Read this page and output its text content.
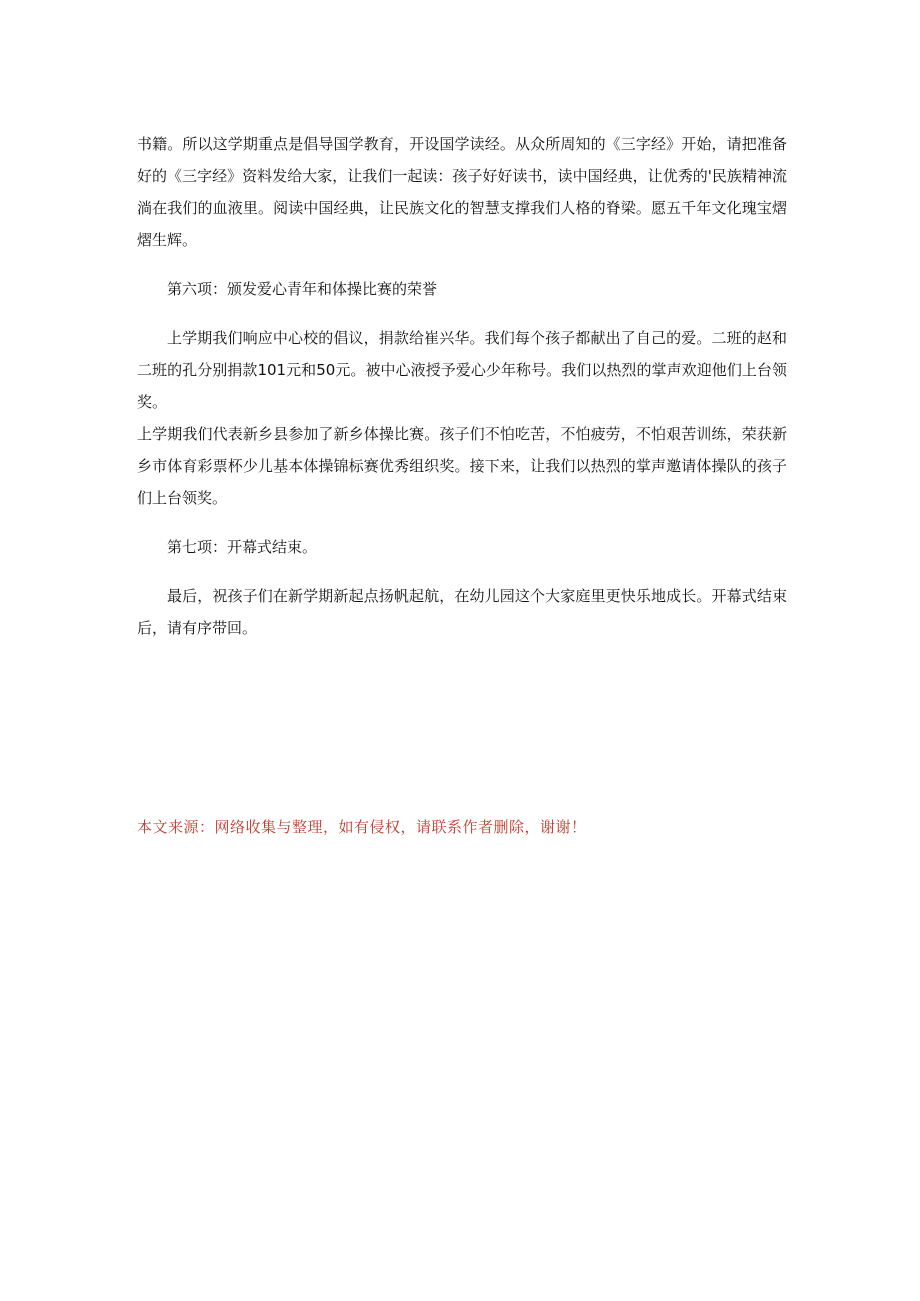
书籍。所以这学期重点是倡导国学教育，开设国学读经。从众所周知的《三字经》开始，请把准备好的《三字经》资料发给大家，让我们一起读：孩子好好读书，读中国经典，让优秀的'民族精神流淌在我们的血液里。阅读中国经典，让民族文化的智慧支撑我们人格的脊梁。愿五千年文化瑰宝熠熠生辉。

第六项：颁发爱心青年和体操比赛的荣誉

上学期我们响应中心校的倡议，捐款给崔兴华。我们每个孩子都献出了自己的爱。二班的赵和二班的孔分别捐款101元和50元。被中心液授予爱心少年称号。我们以热烈的掌声欢迎他们上台领奖。

上学期我们代表新乡县参加了新乡体操比赛。孩子们不怕吃苦，不怕疲劳，不怕艰苦训练，荣获新乡市体育彩票杯少儿基本体操锦标赛优秀组织奖。接下来，让我们以热烈的掌声邀请体操队的孩子们上台领奖。

第七项：开幕式结束。

最后，祝孩子们在新学期新起点扬帆起航，在幼儿园这个大家庭里更快乐地成长。开幕式结束后，请有序带回。

本文来源：网络收集与整理，如有侵权，请联系作者删除，谢谢！
